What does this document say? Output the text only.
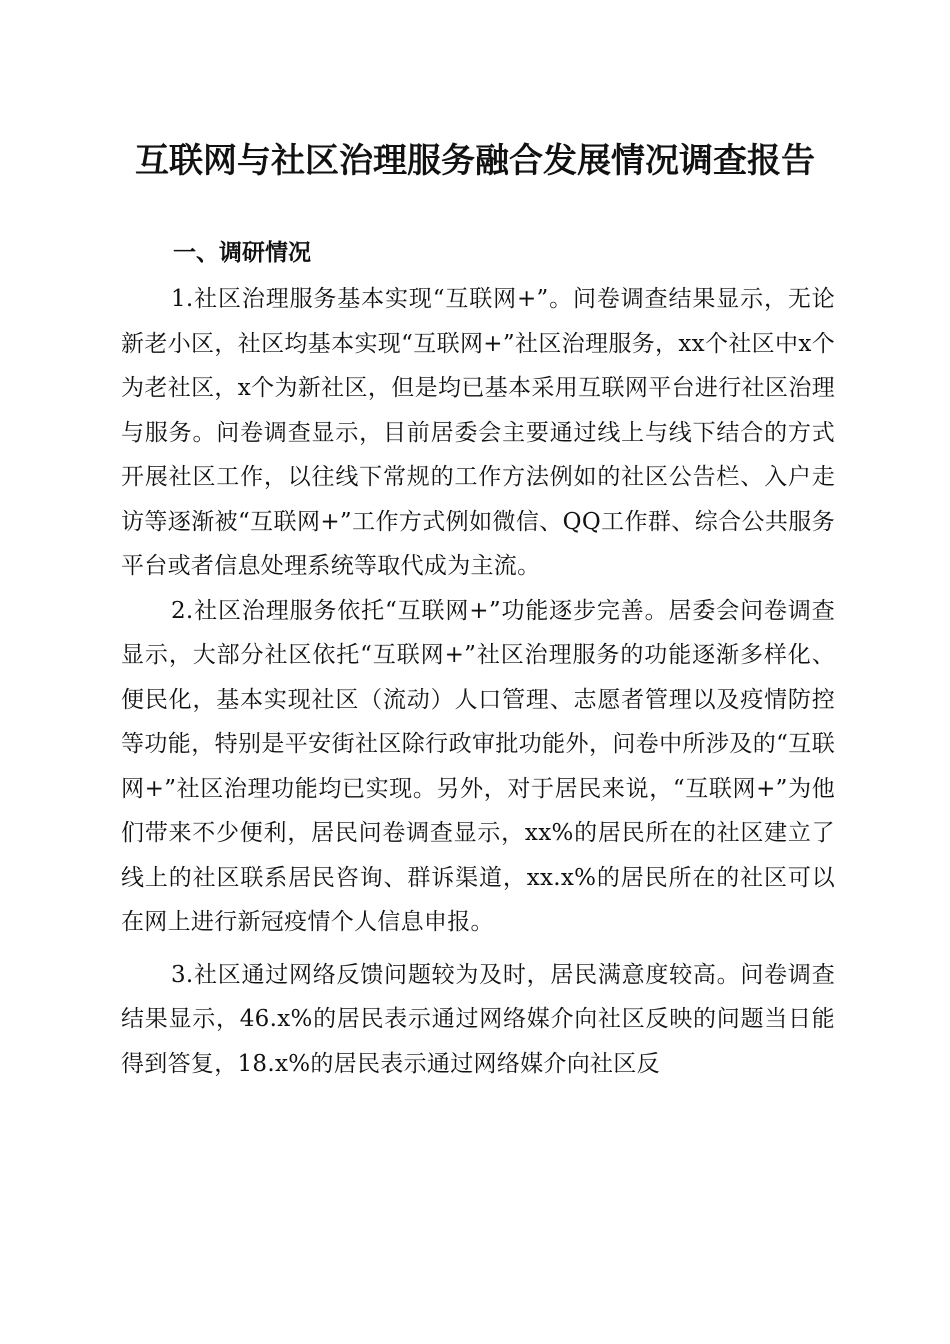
互联网与社区治理服务融合发展情况调查报告
一、调研情况

1.社区治理服务基本实现“互联网+”。问卷调查结果显示，无论新老小区，社区均基本实现“互联网+”社区治理服务，xx个社区中x个为老社区，x个为新社区，但是均已基本采用互联网平台进行社区治理与服务。问卷调查显示，目前居委会主要通过线上与线下结合的方式开展社区工作，以往线下常规的工作方法例如的社区公告栏、入户走访等逐渐被“互联网+”工作方式例如微信、QQ工作群、综合公共服务平台或者信息处理系统等取代成为主流。

2.社区治理服务依托“互联网+”功能逐步完善。居委会问卷调查显示，大部分社区依托“互联网+”社区治理服务的功能逐渐多样化、便民化，基本实现社区（流动）人口管理、志愿者管理以及疫情防控等功能，特别是平安街社区除行政审批功能外，问卷中所涉及的“互联网+”社区治理功能均已实现。另外，对于居民来说，“互联网+”为他们带来不少便利，居民问卷调查显示，xx%的居民所在的社区建立了线上的社区联系居民咨询、群诉渠道，xx.x%的居民所在的社区可以在网上进行新冠疫情个人信息申报。

3.社区通过网络反馈问题较为及时，居民满意度较高。问卷调查结果显示，46.x%的居民表示通过网络媒介向社区反映的问题当日能得到答复，18.x%的居民表示通过网络媒介向社区反
